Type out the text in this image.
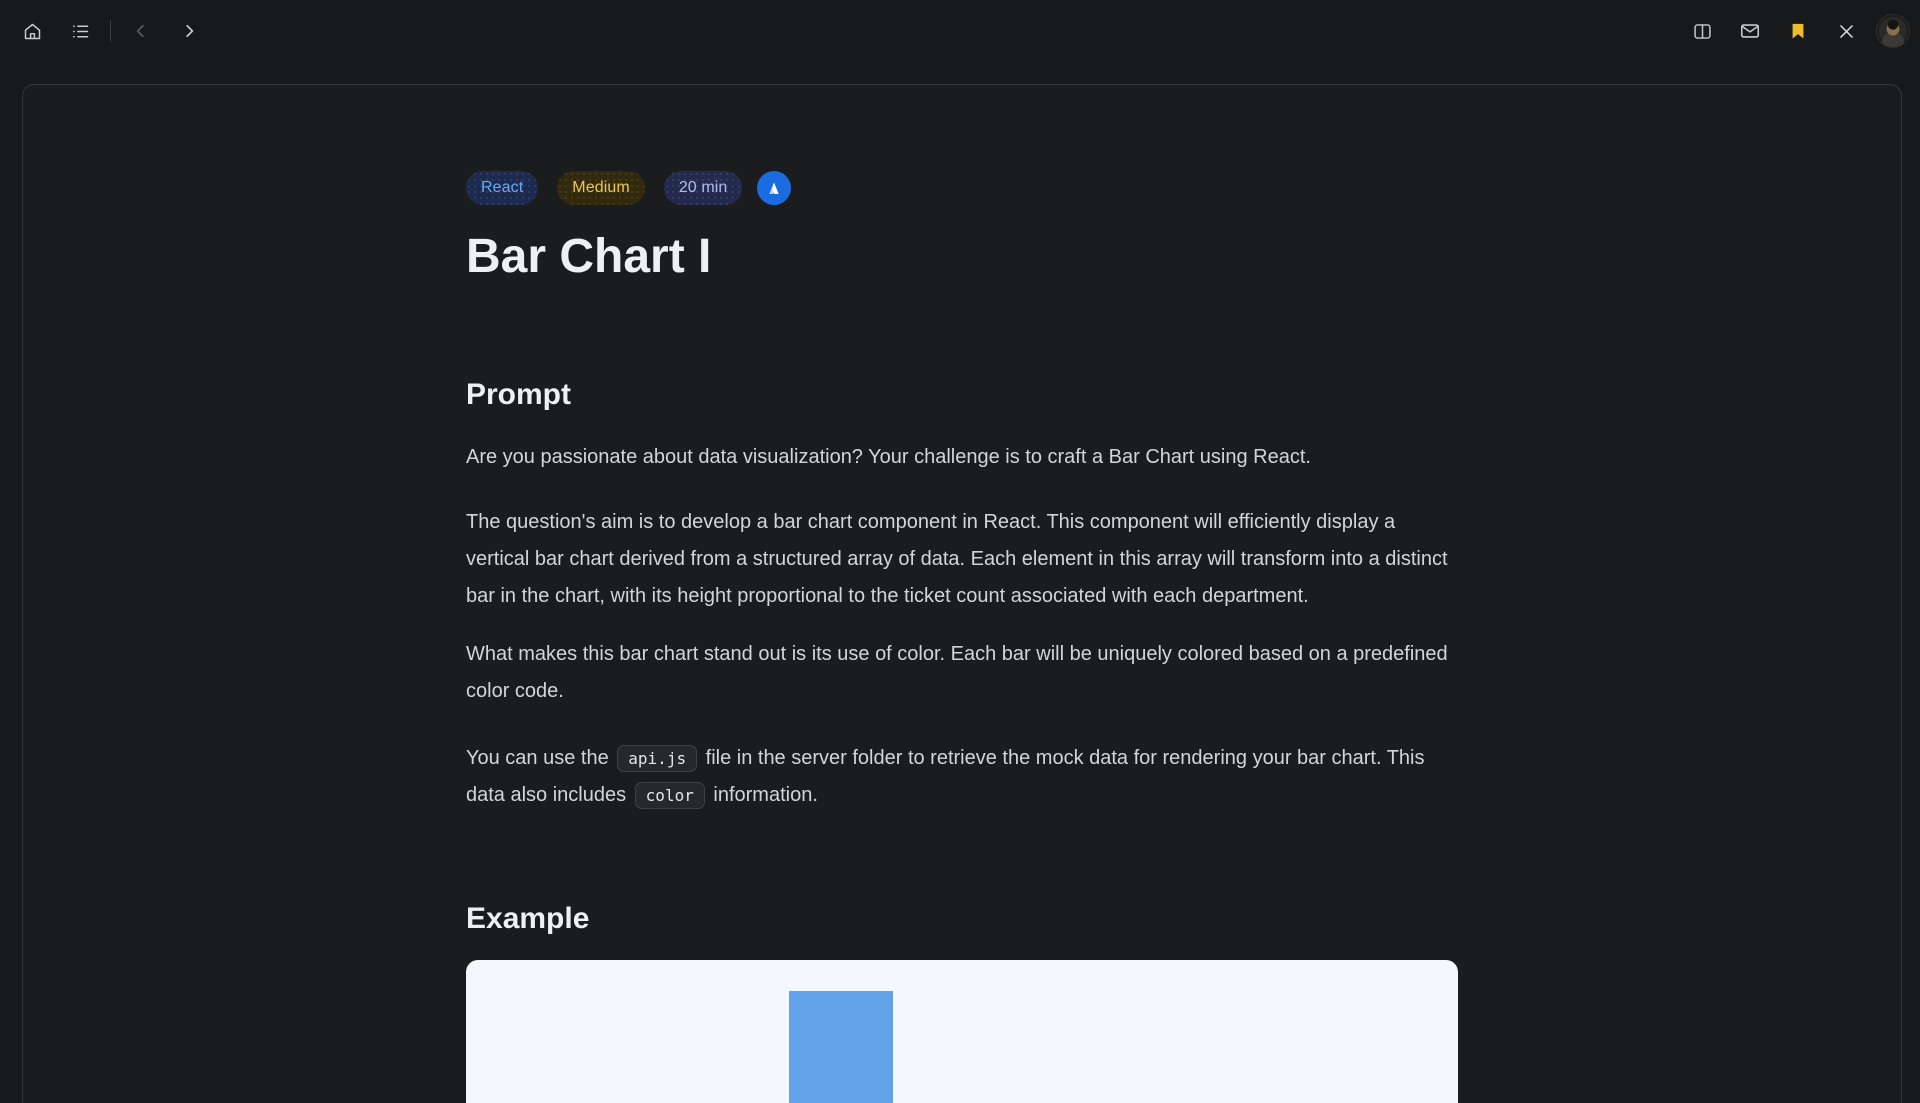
React	Medium	20 min
Bar Chart I
Prompt

Are you passionate about data visualization? Your challenge is to craft a Bar Chart using React.

The question's aim is to develop a bar chart component in React. This component will efficiently display a vertical bar chart derived from a structured array of data. Each element in this array will transform into a distinct bar in the chart, with its height proportional to the ticket count associated with each department.

What makes this bar chart stand out is its use of color. Each bar will be uniquely colored based on a predefined color code.

You can use the api.js file in the server folder to retrieve the mock data for rendering your bar chart. This data also includes color information.

Example
